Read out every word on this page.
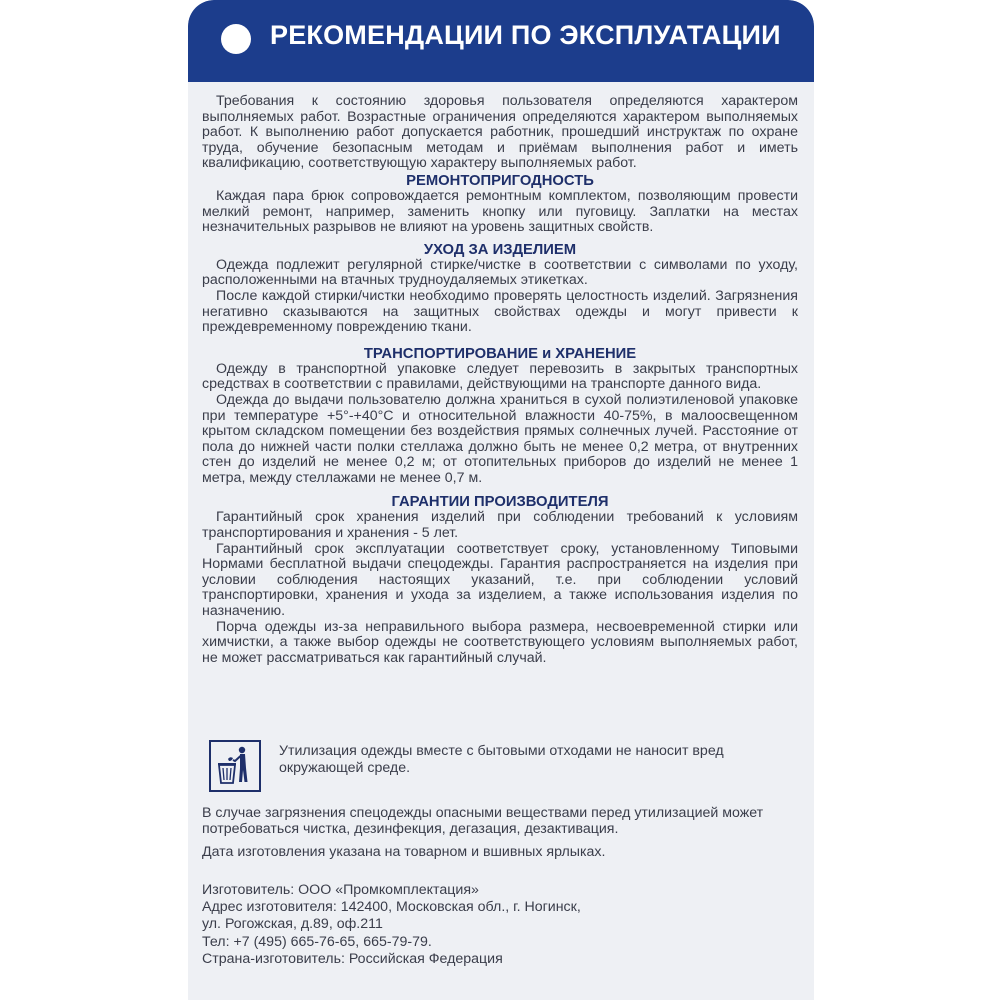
РЕКОМЕНДАЦИИ ПО ЭКСПЛУАТАЦИИ

Требования к состоянию здоровья пользователя определяются характером выполняемых работ. Возрастные ограничения определяются характером выполняемых работ. К выполнению работ допускается работник, прошедший инструктаж по охране труда, обучение безопасным методам и приёмам выполнения работ и иметь квалификацию, соответствующую характеру выполняемых работ.

РЕМОНТОПРИГОДНОСТЬ

Каждая пара брюк сопровождается ремонтным комплектом, позволяющим провести мелкий ремонт, например, заменить кнопку или пуговицу. Заплатки на местах незначительных разрывов не влияют на уровень защитных свойств.

УХОД ЗА ИЗДЕЛИЕМ

Одежда подлежит регулярной стирке/чистке в соответствии с символами по уходу, расположенными на втачных трудноудаляемых этикетках.

После каждой стирки/чистки необходимо проверять целостность изделий. Загрязнения негативно сказываются на защитных свойствах одежды и могут привести к преждевременному повреждению ткани.

ТРАНСПОРТИРОВАНИЕ и ХРАНЕНИЕ

Одежду в транспортной упаковке следует перевозить в закрытых транспортных средствах в соответствии с правилами, действующими на транспорте данного вида.

Одежда до выдачи пользователю должна храниться в сухой полиэтиленовой упаковке при температуре +5°-+40°С и относительной влажности 40-75%, в малоосвещенном крытом складском помещении без воздействия прямых солнечных лучей. Расстояние от пола до нижней части полки стеллажа должно быть не менее 0,2 метра, от внутренних стен до изделий не менее 0,2 м; от отопительных приборов до изделий не менее 1 метра, между стеллажами не менее 0,7 м.

ГАРАНТИИ ПРОИЗВОДИТЕЛЯ

Гарантийный срок хранения изделий при соблюдении требований к условиям транспортирования и хранения - 5 лет.

Гарантийный срок эксплуатации соответствует сроку, установленному Типовыми Нормами бесплатной выдачи спецодежды. Гарантия распространяется на изделия при условии соблюдения настоящих указаний, т.е. при соблюдении условий транспортировки, хранения и ухода за изделием, а также использования изделия по назначению.

Порча одежды из-за неправильного выбора размера, несвоевременной стирки или химчистки, а также выбор одежды не соответствующего условиям выполняемых работ, не может рассматриваться как гарантийный случай.

Утилизация одежды вместе с бытовыми отходами не наносит вред окружающей среде.

В случае загрязнения спецодежды опасными веществами перед утилизацией может потребоваться чистка, дезинфекция, дегазация, дезактивация.

Дата изготовления указана на товарном и вшивных ярлыках.

Изготовитель: ООО «Промкомплектация»
Адрес изготовителя: 142400, Московская обл., г. Ногинск,
ул. Рогожская, д.89, оф.211
Тел: +7 (495) 665-76-65, 665-79-79.
Страна-изготовитель: Российская Федерация
